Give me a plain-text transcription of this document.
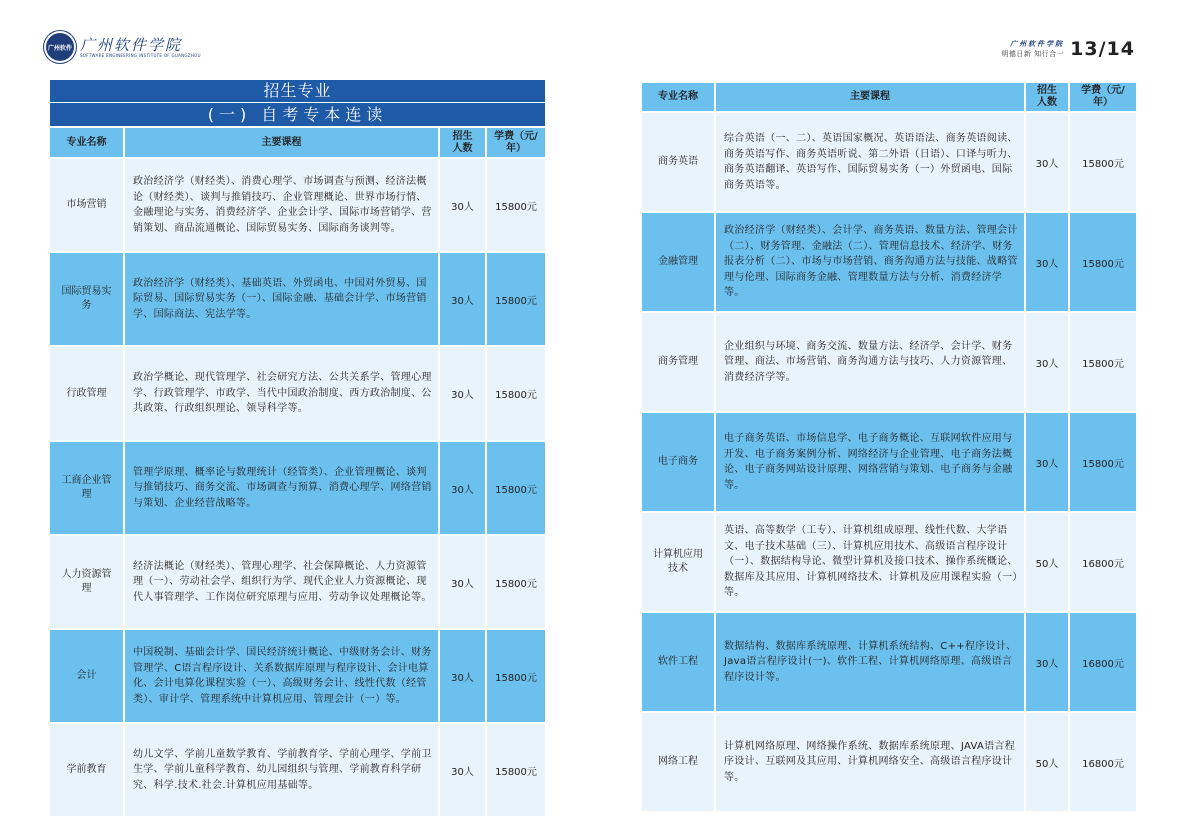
广州软件 广州软件学院
SOFTWARE ENGINEERING INSTITUTE OF GUANGZHOU
广州软件学院
明德日新 知行合一 13/14
招生专业
(一) 自考专本连读
专业名称	主要课程	招生人数	学费（元/年）
市场营销	政治经济学（财经类）、消费心理学、市场调查与预测、经济法概论（财经类）、谈判与推销技巧、企业管理概论、世界市场行情、金融理论与实务、消费经济学、企业会计学、国际市场营销学、营销策划、商品流通概论、国际贸易实务、国际商务谈判等。	30人	15800元
国际贸易实务	政治经济学（财经类）、基础英语、外贸函电、中国对外贸易、国际贸易、国际贸易实务（一）、国际金融、基础会计学、市场营销学、国际商法、宪法学等。	30人	15800元
行政管理	政治学概论、现代管理学、社会研究方法、公共关系学、管理心理学、行政管理学、市政学、当代中国政治制度、西方政治制度、公共政策、行政组织理论、领导科学等。	30人	15800元
工商企业管理	管理学原理、概率论与数理统计（经管类）、企业管理概论、谈判与推销技巧、商务交流、市场调查与预算、消费心理学、网络营销与策划、企业经营战略等。	30人	15800元
人力资源管理	经济法概论（财经类）、管理心理学、社会保障概论、人力资源管理（一）、劳动社会学、组织行为学、现代企业人力资源概论、现代人事管理学、工作岗位研究原理与应用、劳动争议处理概论等。	30人	15800元
会计	中国税制、基础会计学、国民经济统计概论、中级财务会计、财务管理学、C语言程序设计、关系数据库原理与程序设计、会计电算化、会计电算化课程实验（一）、高级财务会计、线性代数（经管类）、审计学、管理系统中计算机应用、管理会计（一）等。	30人	15800元
学前教育	幼儿文学、学前儿童数学教育、学前教育学、学前心理学、学前卫生学、学前儿童科学教育、幼儿园组织与管理、学前教育科学研究、科学.技术.社会.计算机应用基础等。	30人	15800元
专业名称	主要课程	招生人数	学费（元/年）
商务英语	综合英语（一、二）、英语国家概况、英语语法、商务英语阅读、商务英语写作、商务英语听说、第二外语（日语）、口译与听力、商务英语翻译、英语写作、国际贸易实务（一）外贸函电、国际商务英语等。	30人	15800元
金融管理	政治经济学（财经类）、会计学、商务英语、数量方法、管理会计（二）、财务管理、金融法（二）、管理信息技术、经济学、财务报表分析（二）、市场与市场营销、商务沟通方法与技能、战略管理与伦理、国际商务金融、管理数量方法与分析、消费经济学等。	30人	15800元
商务管理	企业组织与环境、商务交流、数量方法、经济学、会计学、财务管理、商法、市场营销、商务沟通方法与技巧、人力资源管理、消费经济学等。	30人	15800元
电子商务	电子商务英语、市场信息学、电子商务概论、互联网软件应用与开发、电子商务案例分析、网络经济与企业管理、电子商务法概论、电子商务网站设计原理、网络营销与策划、电子商务与金融等。	30人	15800元
计算机应用技术	英语、高等数学（工专）、计算机组成原理、线性代数、大学语文、电子技术基础（三）、计算机应用技术、高级语言程序设计（一）、数据结构导论、微型计算机及接口技术、操作系统概论、数据库及其应用、计算机网络技术、计算机及应用课程实验（一）等。	50人	16800元
软件工程	数据结构、数据库系统原理、计算机系统结构、C++程序设计、Java语言程序设计(一)、软件工程、计算机网络原理、高级语言程序设计等。	30人	16800元
网络工程	计算机网络原理、网络操作系统、数据库系统原理、JAVA语言程序设计、互联网及其应用、计算机网络安全、高级语言程序设计等。	50人	16800元
